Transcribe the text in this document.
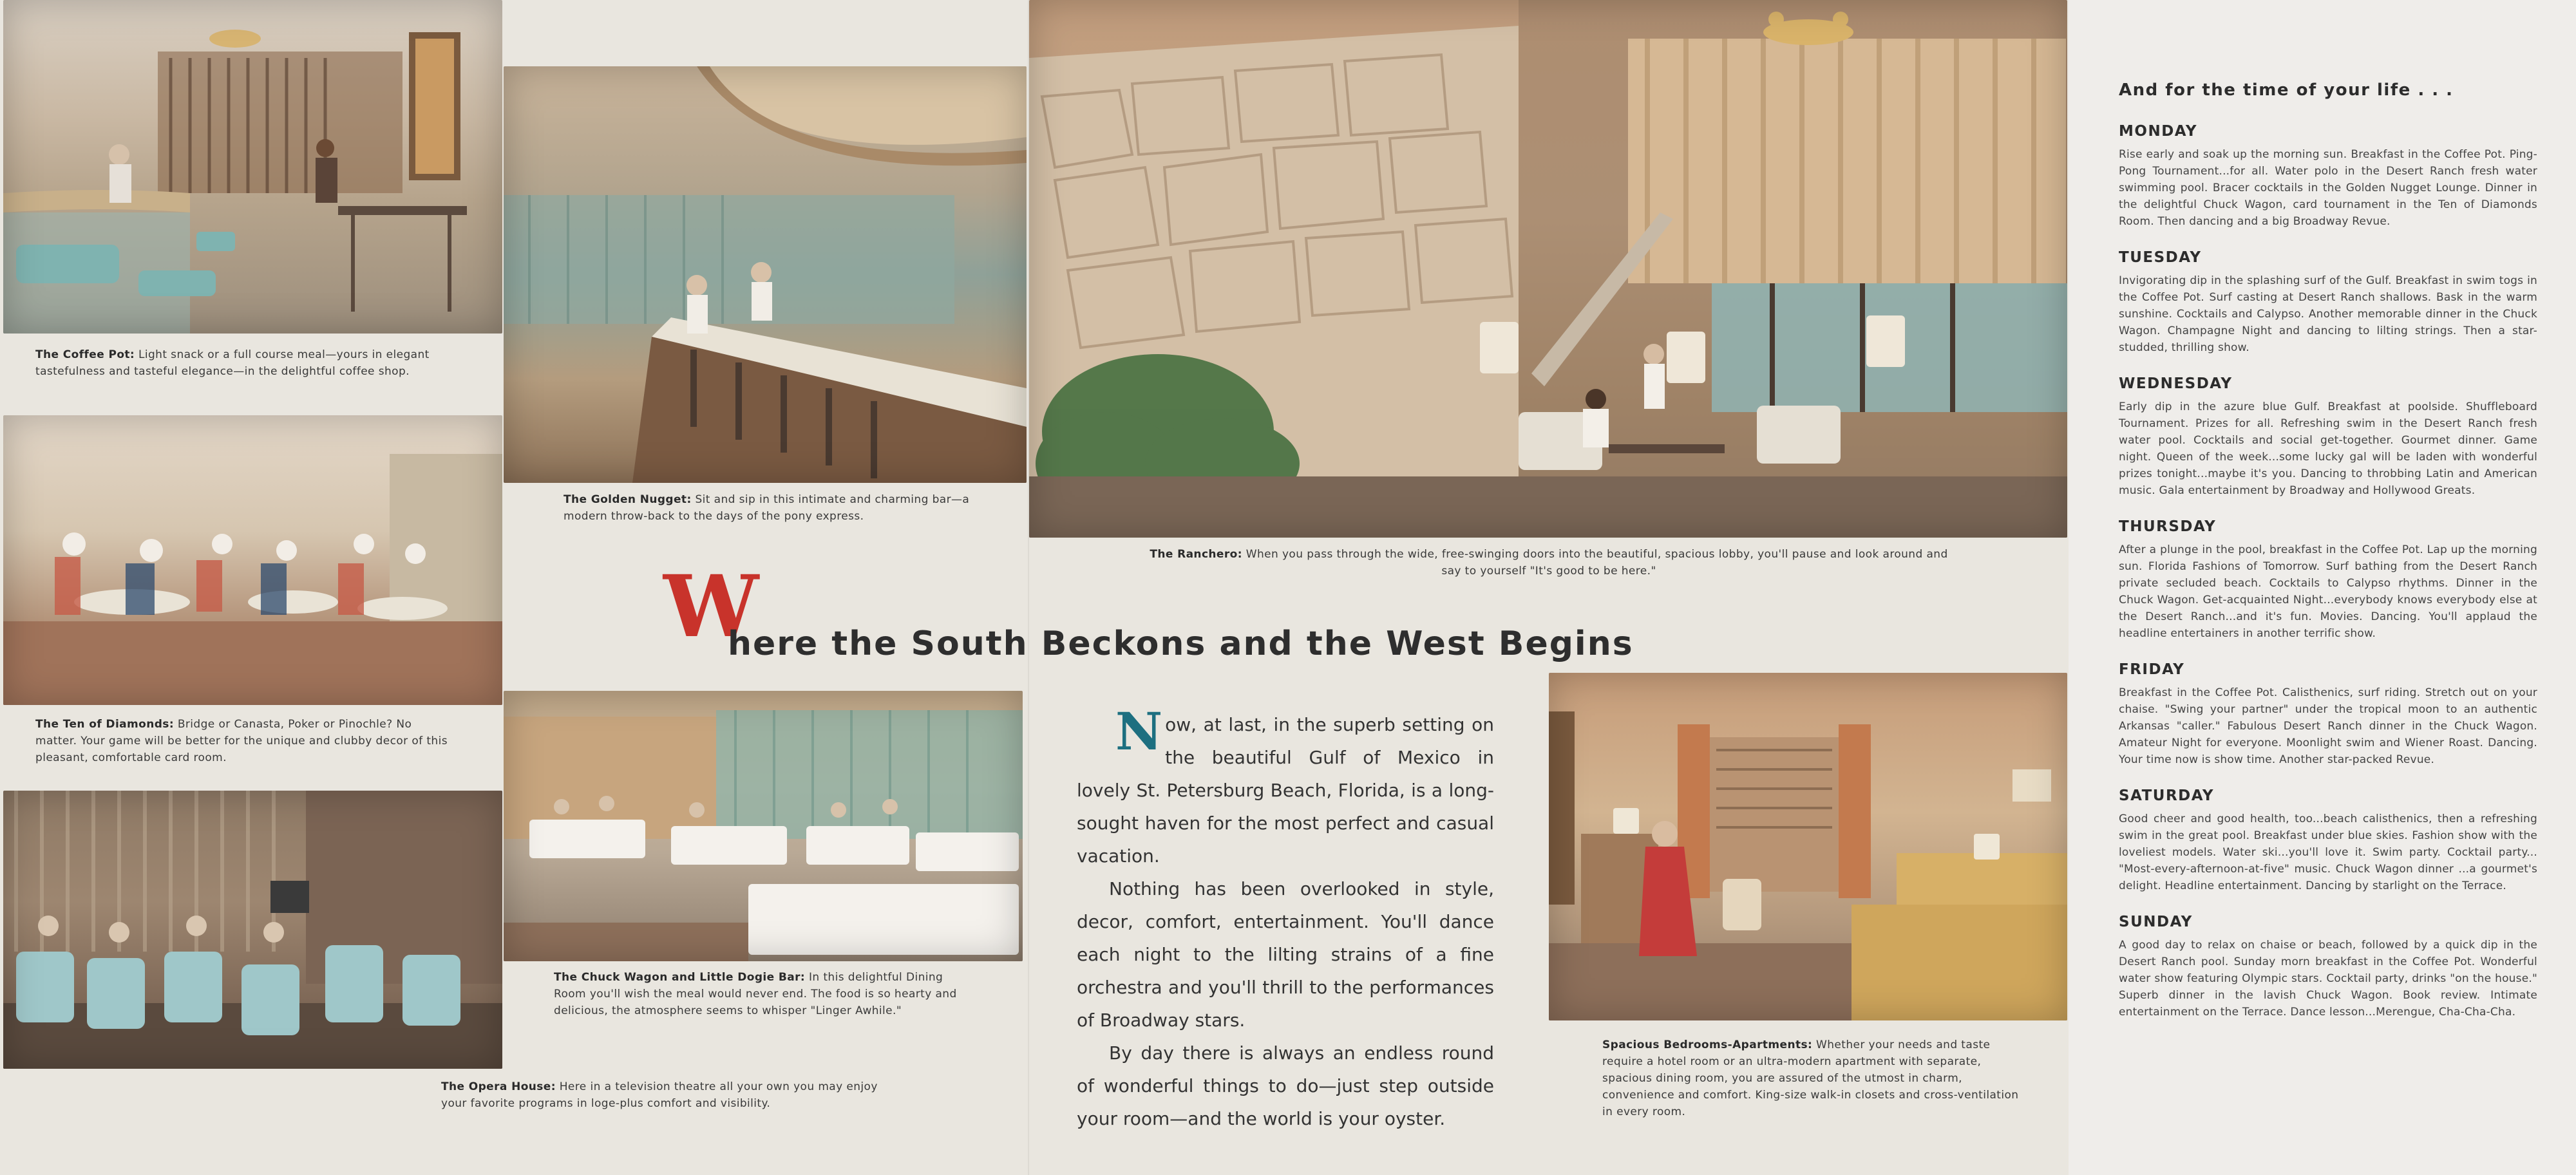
The Coffee Pot: Light snack or a full course meal—yours in elegant tastefulness and tasteful elegance—in the delightful coffee shop.
The Ten of Diamonds: Bridge or Canasta, Poker or Pinochle? No matter. Your game will be better for the unique and clubby decor of this pleasant, comfortable card room.
The Opera House: Here in a television theatre all your own you may enjoy your favorite programs in loge-plus comfort and visibility.
The Golden Nugget: Sit and sip in this intimate and charming bar—a modern throw-back to the days of the pony express.
The Ranchero: When you pass through the wide, free-swinging doors into the beautiful, spacious lobby, you'll pause and look around and say to yourself "It's good to be here."
W
here the South Beckons and the West Begins
The Chuck Wagon and Little Dogie Bar: In this delightful Dining Room you'll wish the meal would never end. The food is so hearty and delicious, the atmosphere seems to whisper "Linger Awhile."

Now, at last, in the superb setting on the beautiful Gulf of Mexico in lovely St. Petersburg Beach, Florida, is a long-sought haven for the most perfect and casual vacation.

Nothing has been overlooked in style, decor, comfort, entertainment. You'll dance each night to the lilting strains of a fine orchestra and you'll thrill to the performances of Broadway stars.

By day there is always an endless round of wonderful things to do—just step outside your room—and the world is your oyster.

Spacious Bedrooms-Apartments: Whether your needs and taste require a hotel room or an ultra-modern apartment with separate, spacious dining room, you are assured of the utmost in charm, convenience and comfort. King-size walk-in closets and cross-ventilation in every room.
And for the time of your life . . .
MONDAY
Rise early and soak up the morning sun. Breakfast in the Coffee Pot. Ping-Pong Tournament...for all. Water polo in the Desert Ranch fresh water swimming pool. Bracer cocktails in the Golden Nugget Lounge. Dinner in the delightful Chuck Wagon, card tournament in the Ten of Diamonds Room. Then dancing and a big Broadway Revue.
TUESDAY
Invigorating dip in the splashing surf of the Gulf. Breakfast in swim togs in the Coffee Pot. Surf casting at Desert Ranch shallows. Bask in the warm sunshine. Cocktails and Calypso. Another memorable dinner in the Chuck Wagon. Champagne Night and dancing to lilting strings. Then a star-studded, thrilling show.
WEDNESDAY
Early dip in the azure blue Gulf. Breakfast at poolside. Shuffleboard Tournament. Prizes for all. Refreshing swim in the Desert Ranch fresh water pool. Cocktails and social get-together. Gourmet dinner. Game night. Queen of the week...some lucky gal will be laden with wonderful prizes tonight...maybe it's you. Dancing to throbbing Latin and American music. Gala entertainment by Broadway and Hollywood Greats.
THURSDAY
After a plunge in the pool, breakfast in the Coffee Pot. Lap up the morning sun. Florida Fashions of Tomorrow. Surf bathing from the Desert Ranch private secluded beach. Cocktails to Calypso rhythms. Dinner in the Chuck Wagon. Get-acquainted Night...everybody knows everybody else at the Desert Ranch...and it's fun. Movies. Dancing. You'll applaud the headline entertainers in another terrific show.
FRIDAY
Breakfast in the Coffee Pot. Calisthenics, surf riding. Stretch out on your chaise. "Swing your partner" under the tropical moon to an authentic Arkansas "caller." Fabulous Desert Ranch dinner in the Chuck Wagon. Amateur Night for everyone. Moonlight swim and Wiener Roast. Dancing. Your time now is show time. Another star-packed Revue.
SATURDAY
Good cheer and good health, too...beach calisthenics, then a refreshing swim in the great pool. Breakfast under blue skies. Fashion show with the loveliest models. Water ski...you'll love it. Swim party. Cocktail party... "Most-every-afternoon-at-five" music. Chuck Wagon dinner ...a gourmet's delight. Headline entertainment. Dancing by starlight on the Terrace.
SUNDAY
A good day to relax on chaise or beach, followed by a quick dip in the Desert Ranch pool. Sunday morn breakfast in the Coffee Pot. Wonderful water show featuring Olympic stars. Cocktail party, drinks "on the house." Superb dinner in the lavish Chuck Wagon. Book review. Intimate entertainment on the Terrace. Dance lesson...Merengue, Cha-Cha-Cha.
